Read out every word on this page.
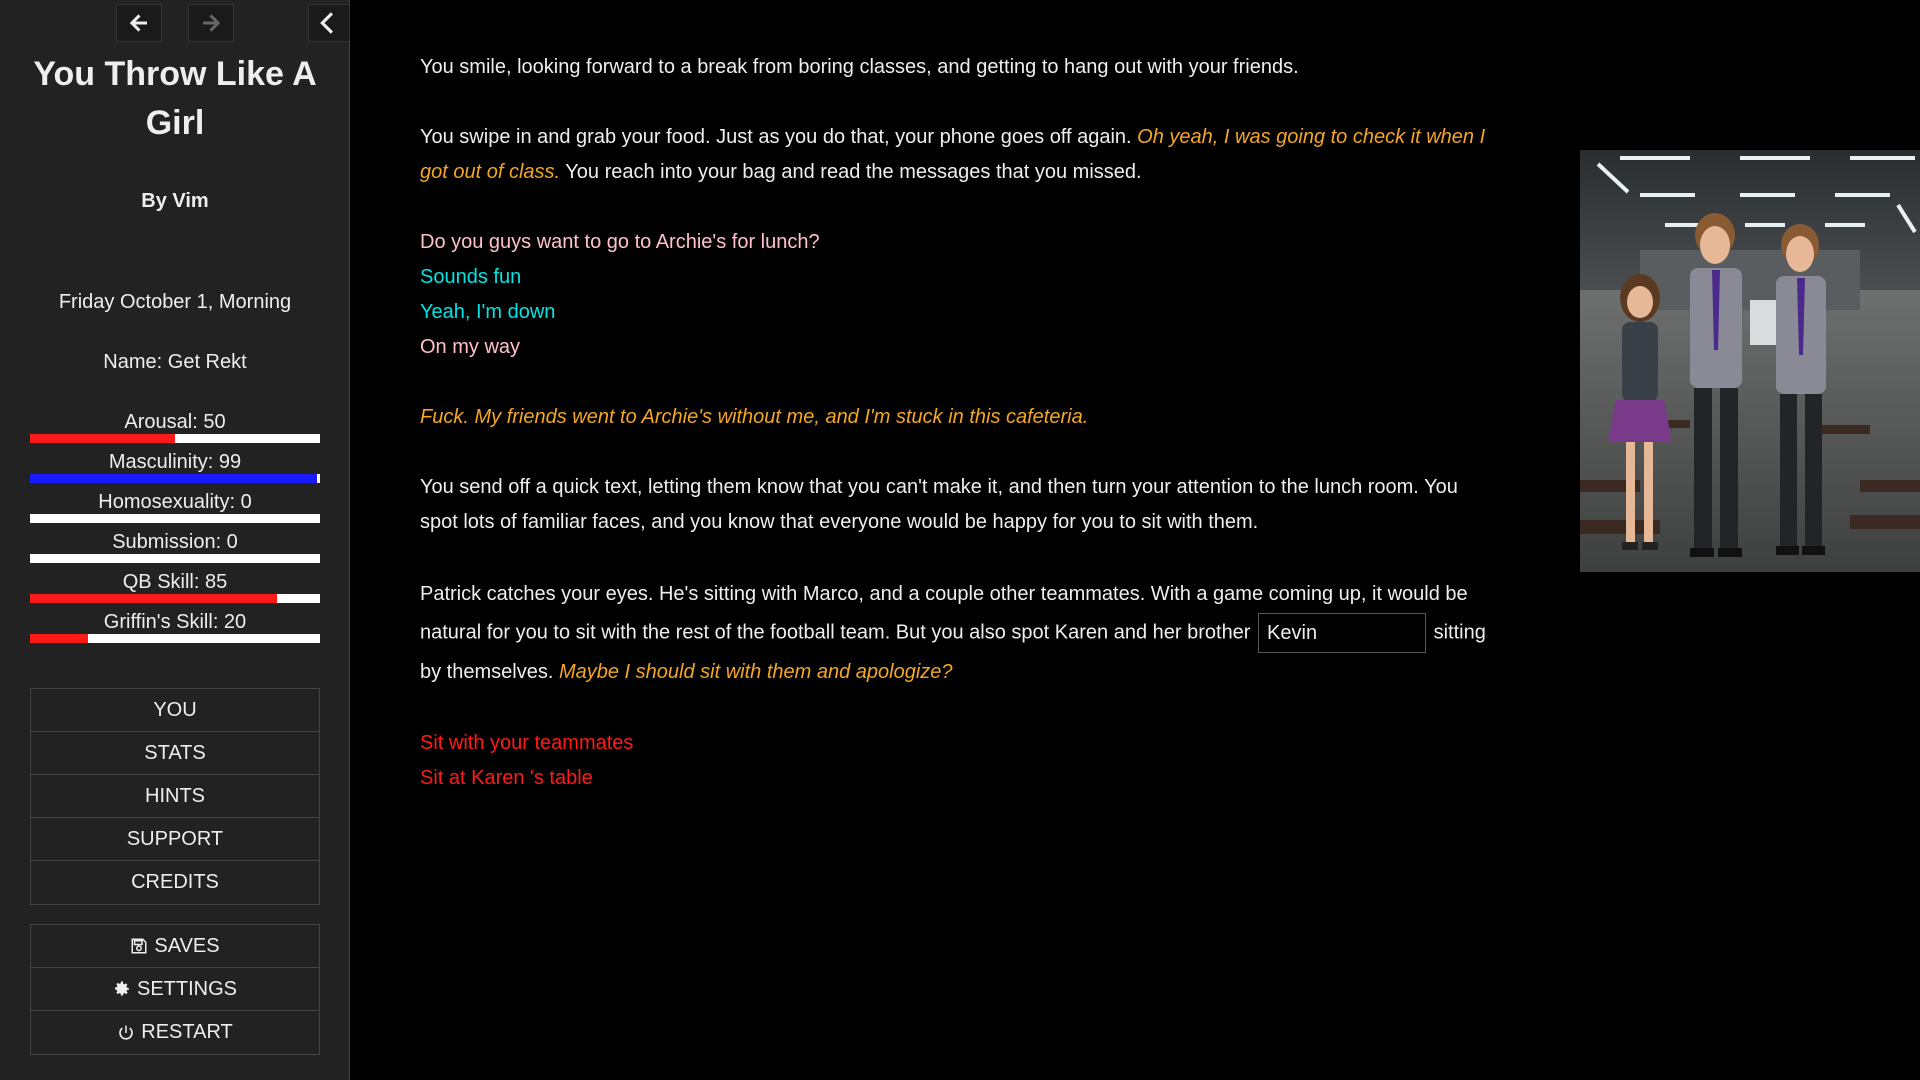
You Throw Like A Girl
By Vim
Friday October 1, Morning
Name: Get Rekt
Arousal: 50
Masculinity: 99
Homosexuality: 0
Submission: 0
QB Skill: 85
Griffin's Skill: 20
YOU
STATS
HINTS
SUPPORT
CREDITS
SAVES
SETTINGS
RESTART

You smile, looking forward to a break from boring classes, and getting to hang out with your friends.

You swipe in and grab your food. Just as you do that, your phone goes off again. Oh yeah, I was going to check it when I got out of class. You reach into your bag and read the messages that you missed.

Do you guys want to go to Archie's for lunch?
Sounds fun
Yeah, I'm down
On my way

Fuck. My friends went to Archie's without me, and I'm stuck in this cafeteria.

You send off a quick text, letting them know that you can't make it, and then turn your attention to the lunch room. You spot lots of familiar faces, and you know that everyone would be happy for you to sit with them.

Patrick catches your eyes. He's sitting with Marco, and a couple other teammates. With a game coming up, it would be natural for you to sit with the rest of the football team. But you also spot Karen and her brother Kevin	sitting by themselves. Maybe I should sit with them and apologize?

Sit with your teammates
Sit at Karen 's table
